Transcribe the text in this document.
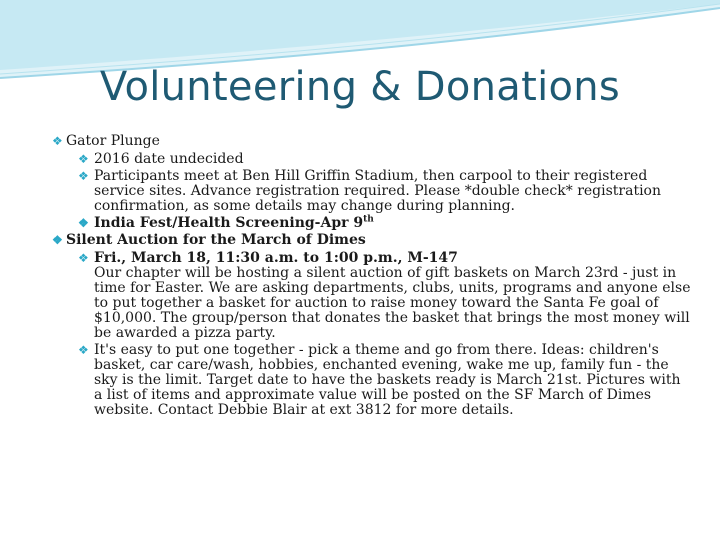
Volunteering & Donations
❖ Gator Plunge
❖ 2016 date undecided
❖ Participants meet at Ben Hill Griffin Stadium, then carpool to their registered service sites. Advance registration required. Please *double check* registration confirmation, as some details may change during planning.
❖ India Fest/Health Screening-Apr 9th
❖ Silent Auction for the March of Dimes
❖ Fri., March 18, 11:30 a.m. to 1:00 p.m., M-147
Our chapter will be hosting a silent auction of gift baskets on March 23rd - just in time for Easter. We are asking departments, clubs, units, programs and anyone else to put together a basket for auction to raise money toward the Santa Fe goal of $10,000. The group/person that donates the basket that brings the most money will be awarded a pizza party.
❖ It's easy to put one together - pick a theme and go from there. Ideas: children's basket, car care/wash, hobbies, enchanted evening, wake me up, family fun - the sky is the limit. Target date to have the baskets ready is March 21st. Pictures with a list of items and approximate value will be posted on the SF March of Dimes website. Contact Debbie Blair at ext 3812 for more details.
